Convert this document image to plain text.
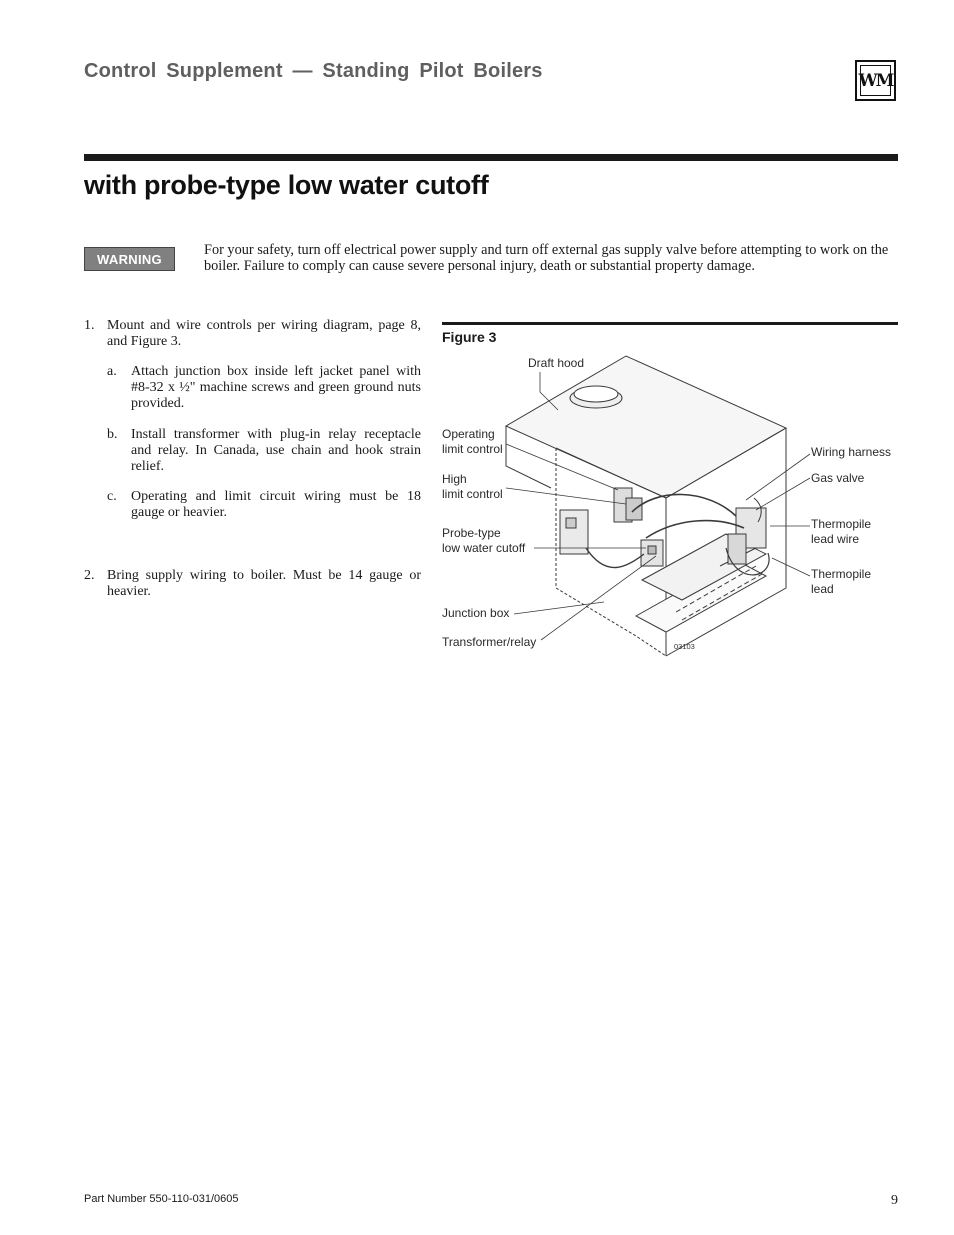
Control Supplement — Standing Pilot Boilers	WM
with probe-type low water cutoff
WARNING
For your safety, turn off electrical power supply and turn off external gas supply valve before attempting to work on the boiler. Failure to comply can cause severe personal injury, death or substantial property damage.
1. Mount and wire controls per wiring diagram, page 8, and Figure 3.
a. Attach junction box inside left jacket panel with #8-32 x ½" machine screws and green ground nuts provided.
b. Install transformer with plug-in relay receptacle and relay. In Canada, use chain and hook strain relief.
c. Operating and limit circuit wiring must be 18 gauge or heavier.
2. Bring supply wiring to boiler. Must be 14 gauge or heavier.
Figure 3
Draft hood
Operating
limit control
High
limit control
Probe-type
low water cutoff
Junction box
Transformer/relay
Wiring harness
Gas valve
Thermopile
lead wire
Thermopile
lead
03103
Part Number 550-110-031/0605	9
